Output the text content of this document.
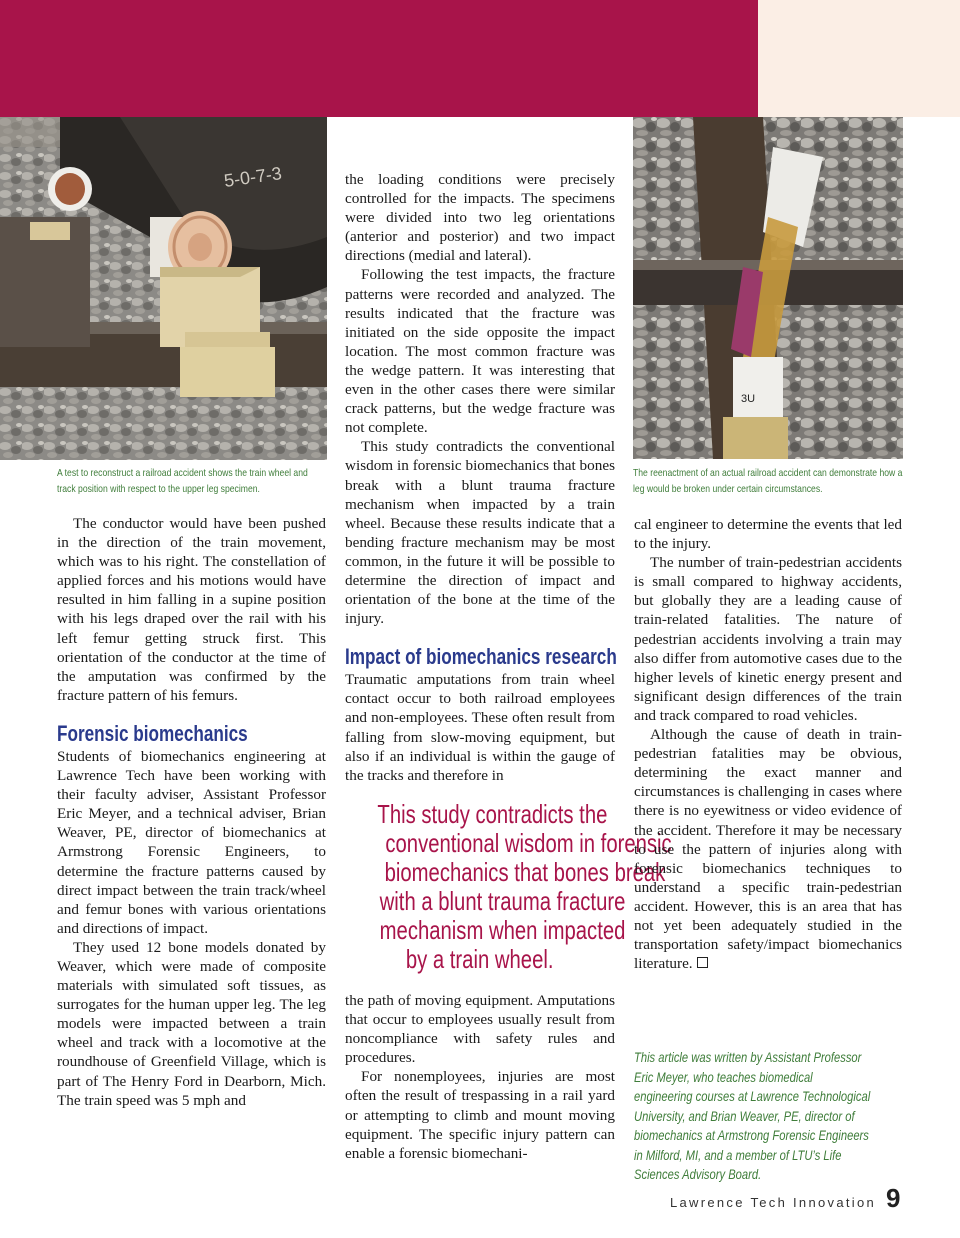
5-0-7-3
A test to reconstruct a railroad accident shows the train wheel and track position with respect to the upper leg specimen.
3U
The reenactment of an actual railroad accident can demonstrate how a leg would be broken under certain circumstances.

The conductor would have been pushed in the direction of the train movement, which was to his right. The constellation of applied forces and his motions would have resulted in him falling in a supine position with his legs draped over the rail with his left femur getting struck first. This orientation of the conductor at the time of the amputation was confirmed by the fracture pattern of his femurs.

Forensic biomechanics

Students of biomechanics engineering at Lawrence Tech have been working with their faculty adviser, Assistant Professor Eric Meyer, and a technical adviser, Brian Weaver, PE, director of biomechanics at Armstrong Forensic Engineers, to determine the fracture patterns caused by direct impact between the train track/wheel and femur bones with various orientations and directions of impact.

They used 12 bone models donated by Weaver, which were made of composite materials with simulated soft tissues, as surrogates for the human upper leg. The leg models were impacted between a train wheel and track with a locomotive at the roundhouse of Greenfield Village, which is part of The Henry Ford in Dearborn, Mich. The train speed was 5 mph and

the loading conditions were precisely controlled for the impacts. The specimens were divided into two leg orientations (anterior and posterior) and two impact directions (medial and lateral).

Following the test impacts, the fracture patterns were recorded and analyzed. The results indicated that the fracture was initiated on the side opposite the impact location. The most common fracture was the wedge pattern. It was interesting that even in the other cases there were similar crack patterns, but the wedge fracture was not complete.

This study contradicts the conventional wisdom in forensic biomechanics that bones break with a blunt trauma fracture mechanism when impacted by a train wheel. Because these results indicate that a bending fracture mechanism may be most common, in the future it will be possible to determine the direction of impact and orientation of the bone at the time of the injury.

Impact of biomechanics research

Traumatic amputations from train wheel contact occur to both railroad employees and non-employees. These often result from falling from slow-moving equipment, but also if an individual is within the gauge of the tracks and therefore in

This study contradicts the
conventional wisdom in forensic
biomechanics that bones break
with a blunt trauma fracture
mechanism when impacted
by a train wheel.

the path of moving equipment. Amputations that occur to employees usually result from noncompliance with safety rules and procedures.

For nonemployees, injuries are most often the result of trespassing in a rail yard or attempting to climb and mount moving equipment. The specific injury pattern can enable a forensic biomechani-

cal engineer to determine the events that led to the injury.

The number of train-pedestrian accidents is small compared to highway accidents, but globally they are a leading cause of train-related fatalities. The nature of pedestrian accidents involving a train may also differ from automotive cases due to the higher levels of kinetic energy present and significant design differences of the train and track compared to road vehicles.

Although the cause of death in train-pedestrian fatalities may be obvious, determining the exact manner and circumstances is challenging in cases where there is no eyewitness or video evidence of the accident. Therefore it may be necessary to use the pattern of injuries along with forensic biomechanics techniques to understand a specific train-pedestrian accident. However, this is an area that has not yet been adequately studied in the transportation safety/impact biomechanics literature.

This article was written by Assistant Professor Eric Meyer, who teaches biomedical engineering courses at Lawrence Technological University, and Brian Weaver, PE, director of biomechanics at Armstrong Forensic Engineers in Milford, MI, and a member of LTU’s Life Sciences Advisory Board.
Lawrence Tech Innovation 9
